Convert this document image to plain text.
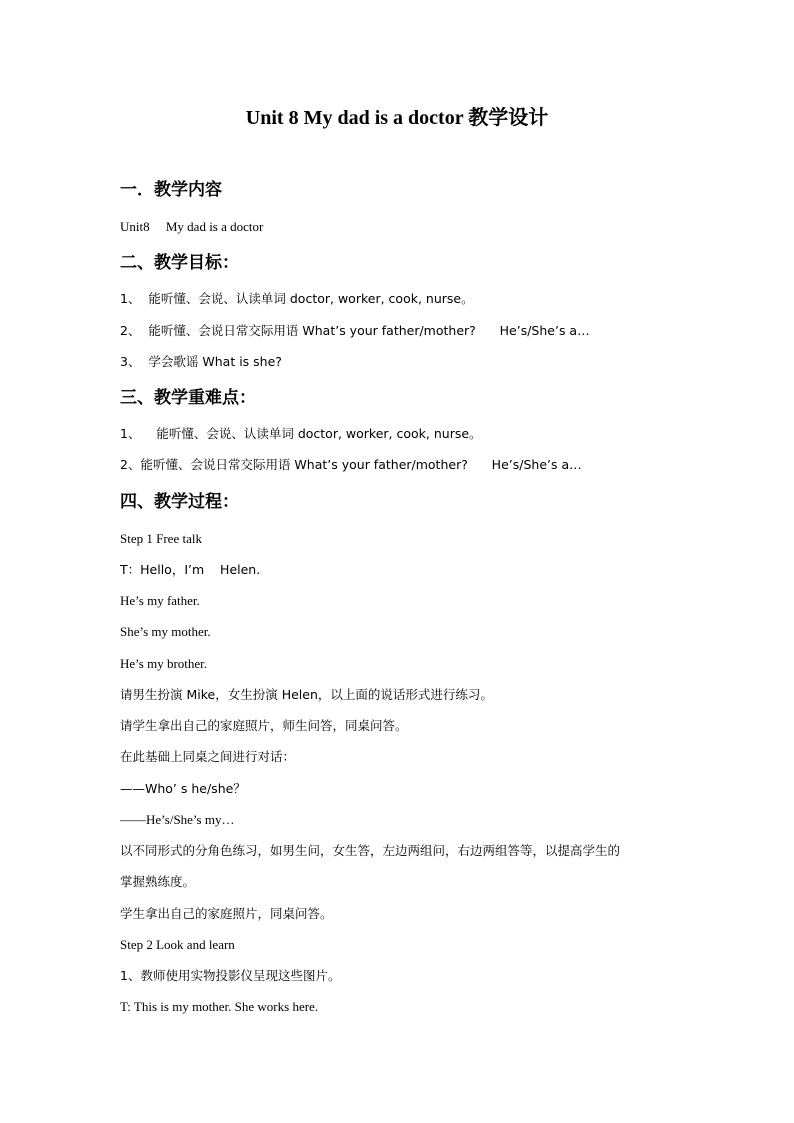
Unit 8 My dad is a doctor 教学设计
一．教学内容
Unit8     My dad is a doctor
二、教学目标：
1、  能听懂、会说、认读单词 doctor, worker, cook, nurse。
2、  能听懂、会说日常交际用语 What’s your father/mother?      He’s/She’s a…
3、  学会歌谣 What is she?
三、教学重难点：
1、    能听懂、会说、认读单词 doctor, worker, cook, nurse。
2、能听懂、会说日常交际用语 What’s your father/mother?      He’s/She’s a…
四、教学过程：
Step 1 Free talk
T：Hello，I’m    Helen.
He’s my father.
She’s my mother.
He’s my brother.
请男生扮演 Mike，女生扮演 Helen，以上面的说话形式进行练习。
请学生拿出自己的家庭照片，师生问答，同桌问答。
在此基础上同桌之间进行对话：
——Who’ s he/she？
——He’s/She’s my…
以不同形式的分角色练习，如男生问，女生答，左边两组问，右边两组答等，以提高学生的
掌握熟练度。
学生拿出自己的家庭照片，同桌问答。
Step 2 Look and learn
1、教师使用实物投影仪呈现这些图片。
T: This is my mother. She works here.
